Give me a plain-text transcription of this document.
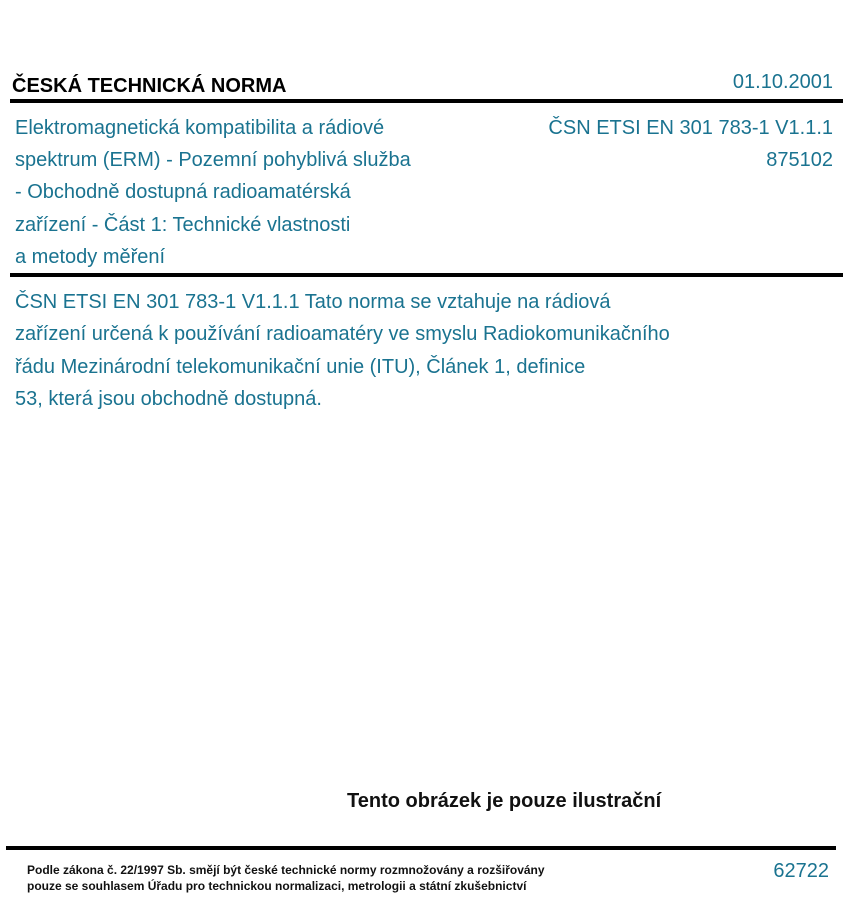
ČESKÁ TECHNICKÁ NORMA	01.10.2001
Elektromagnetická kompatibilita a rádiové
spektrum (ERM) - Pozemní pohyblivá služba
- Obchodně dostupná radioamatérská
zařízení - Část 1: Technické vlastnosti
a metody měření
ČSN ETSI EN 301 783-1 V1.1.1
875102
ČSN ETSI EN 301 783-1 V1.1.1 Tato norma se vztahuje na rádiová
zařízení určená k používání radioamatéry ve smyslu Radiokomunikačního
řádu Mezinárodní telekomunikační unie (ITU), Článek 1, definice
53, která jsou obchodně dostupná.
Tento obrázek je pouze ilustrační
Podle zákona č. 22/1997 Sb. smějí být české technické normy rozmnožovány a rozšiřovány
pouze se souhlasem Úřadu pro technickou normalizaci, metrologii a státní zkušebnictví
62722
